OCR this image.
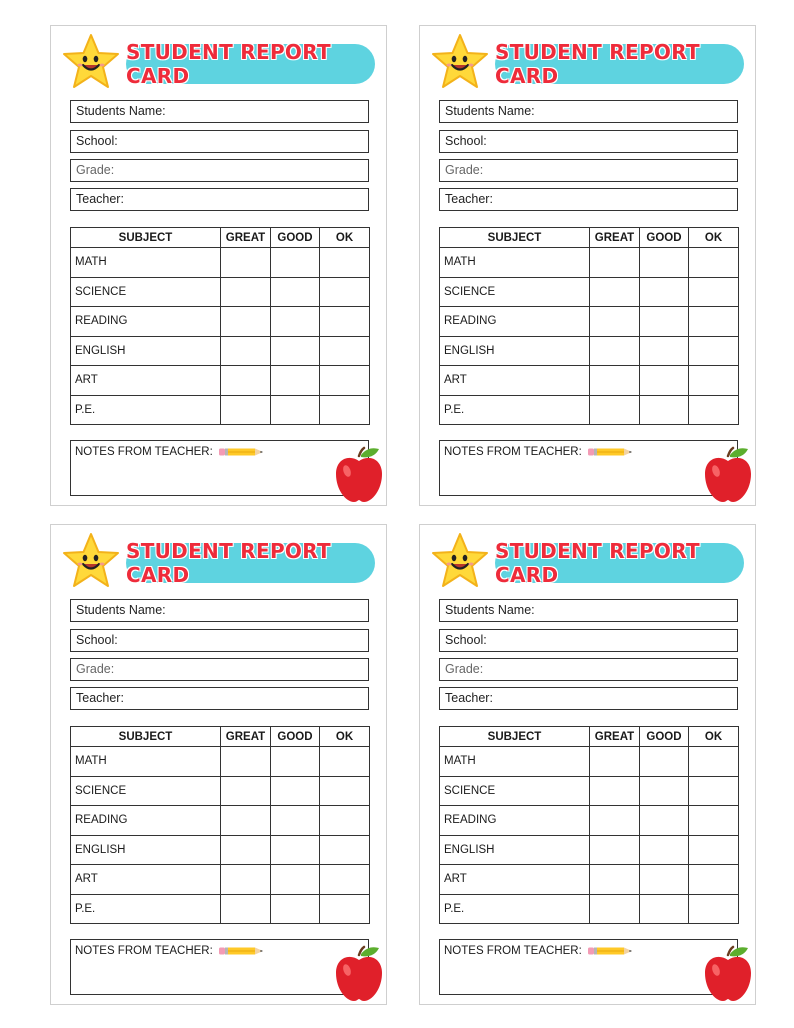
STUDENT REPORT CARD
Students Name:
School:
Grade:
Teacher:
SUBJECT	GREAT	GOOD	OK
MATH			
SCIENCE			
READING			
ENGLISH			
ART			
P.E.			
NOTES FROM TEACHER:
STUDENT REPORT CARD
Students Name:
School:
Grade:
Teacher:
SUBJECT	GREAT	GOOD	OK
MATH			
SCIENCE			
READING			
ENGLISH			
ART			
P.E.			
NOTES FROM TEACHER:
STUDENT REPORT CARD
Students Name:
School:
Grade:
Teacher:
SUBJECT	GREAT	GOOD	OK
MATH			
SCIENCE			
READING			
ENGLISH			
ART			
P.E.			
NOTES FROM TEACHER:
STUDENT REPORT CARD
Students Name:
School:
Grade:
Teacher:
SUBJECT	GREAT	GOOD	OK
MATH			
SCIENCE			
READING			
ENGLISH			
ART			
P.E.			
NOTES FROM TEACHER:
